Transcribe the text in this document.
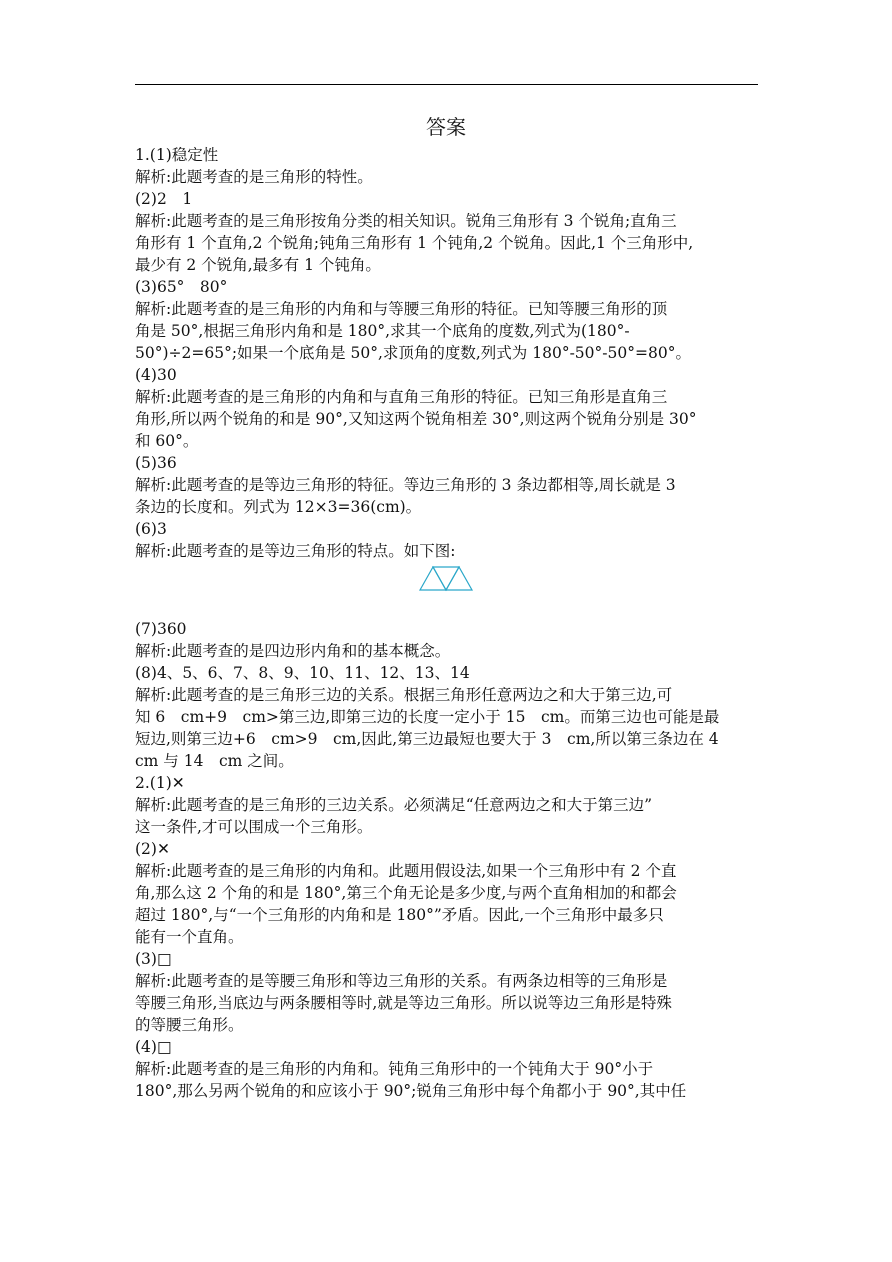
答案
1.(1)稳定性
解析:此题考查的是三角形的特性。
(2)2　1
解析:此题考查的是三角形按角分类的相关知识。锐角三角形有 3 个锐角;直角三
角形有 1 个直角,2 个锐角;钝角三角形有 1 个钝角,2 个锐角。因此,1 个三角形中,
最少有 2 个锐角,最多有 1 个钝角。
(3)65°　80°
解析:此题考查的是三角形的内角和与等腰三角形的特征。已知等腰三角形的顶
角是 50°,根据三角形内角和是 180°,求其一个底角的度数,列式为(180°-
50°)÷2=65°;如果一个底角是 50°,求顶角的度数,列式为 180°-50°-50°=80°。
(4)30
解析:此题考查的是三角形的内角和与直角三角形的特征。已知三角形是直角三
角形,所以两个锐角的和是 90°,又知这两个锐角相差 30°,则这两个锐角分别是 30°
和 60°。
(5)36
解析:此题考查的是等边三角形的特征。等边三角形的 3 条边都相等,周长就是 3
条边的长度和。列式为 12×3=36(cm)。
(6)3
解析:此题考查的是等边三角形的特点。如下图:
(7)360
解析:此题考查的是四边形内角和的基本概念。
(8)4、5、6、7、8、9、10、11、12、13、14
解析:此题考查的是三角形三边的关系。根据三角形任意两边之和大于第三边,可
知 6　cm+9　cm>第三边,即第三边的长度一定小于 15　cm。而第三边也可能是最
短边,则第三边+6　cm>9　cm,因此,第三边最短也要大于 3　cm,所以第三条边在 4
cm 与 14　cm 之间。
2.(1)✕
解析:此题考查的是三角形的三边关系。必须满足“任意两边之和大于第三边”
这一条件,才可以围成一个三角形。
(2)✕
解析:此题考查的是三角形的内角和。此题用假设法,如果一个三角形中有 2 个直
角,那么这 2 个角的和是 180°,第三个角无论是多少度,与两个直角相加的和都会
超过 180°,与“一个三角形的内角和是 180°”矛盾。因此,一个三角形中最多只
能有一个直角。
(3)□
解析:此题考查的是等腰三角形和等边三角形的关系。有两条边相等的三角形是
等腰三角形,当底边与两条腰相等时,就是等边三角形。所以说等边三角形是特殊
的等腰三角形。
(4)□
解析:此题考查的是三角形的内角和。钝角三角形中的一个钝角大于 90°小于
180°,那么另两个锐角的和应该小于 90°;锐角三角形中每个角都小于 90°,其中任
